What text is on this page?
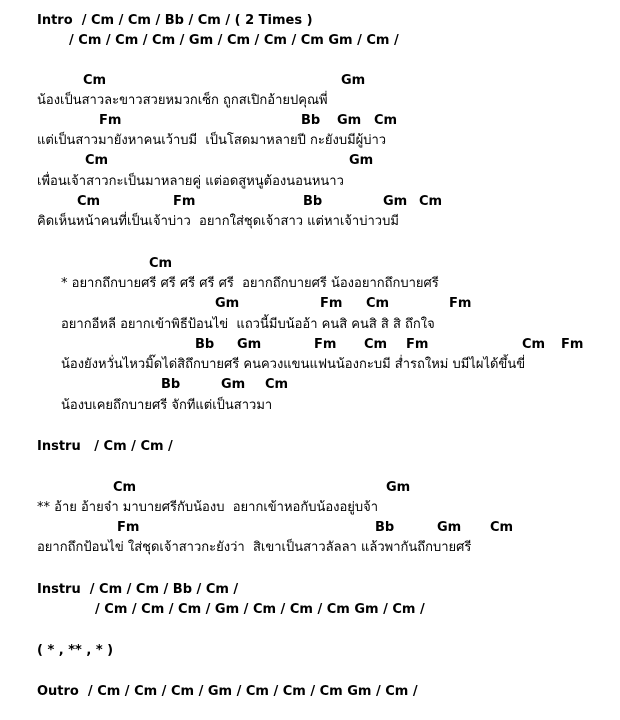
Intro  / Cm / Cm / Bb / Cm / ( 2 Times )
/ Cm / Cm / Cm / Gm / Cm / Cm / Cm Gm / Cm /
Cm	Gm
น้องเป็นสาวละขาวสวยหมวกเซ็ก ถูกสเปิกอ้ายปคุณพี่
Fm	Bb Gm Cm
แต่เป็นสาวมายังหาคนเว้าบมี  เป็นโสดมาหลายปี กะยังบมีผู้บ่าว
Cm	Gm
เพื่อนเจ้าสาวกะเป็นมาหลายคู่ แต่อดสูหนูต้องนอนหนาว
Cm	Fm	Bb	Gm Cm
คิดเห็นหน้าคนที่เป็นเจ้าบ่าว  อยากใส่ชุดเจ้าสาว แต่หาเจ้าบ่าวบมี
Cm
* อยากถึกบายศรี ศรี ศรี ศรี ศรี  อยากถึกบายศรี น้องอยากถึกบายศรี
Gm	Fm Cm	Fm
อยากอีหลี อยากเข้าพิธีป้อนไข่  แถวนี้มีบน้ออ้า คนสิ คนสิ สิ สิ ถึกใจ
Bb Gm	Fm Cm Fm	Cm Fm
น้องยังหวั่นไหวมิ๊ดได่สิถึกบายศรี คนควงแขนแฟนน้องกะบมี ส่ำรถใหม่ บมีไผได้ขึ้นขี่
Bb	Gm Cm
น้องบเคยถึกบายศรี จักทีแต่เป็นสาวมา
Instru   / Cm / Cm /
Cm	Gm
** อ้าย อ้ายจ๋า มาบายศรีกับน้องบ  อยากเข้าหอกับน้องอยู่บจ้า
Fm	Bb	Gm Cm
อยากถึกป้อนไข่ ใส่ชุดเจ้าสาวกะยังว่า  สิเขาเป็นสาวลัลลา แล้วพากันถึกบายศรี
Instru  / Cm / Cm / Bb / Cm /
/ Cm / Cm / Cm / Gm / Cm / Cm / Cm Gm / Cm /
( * , ** , * )
Outro  / Cm / Cm / Cm / Gm / Cm / Cm / Cm Gm / Cm /
